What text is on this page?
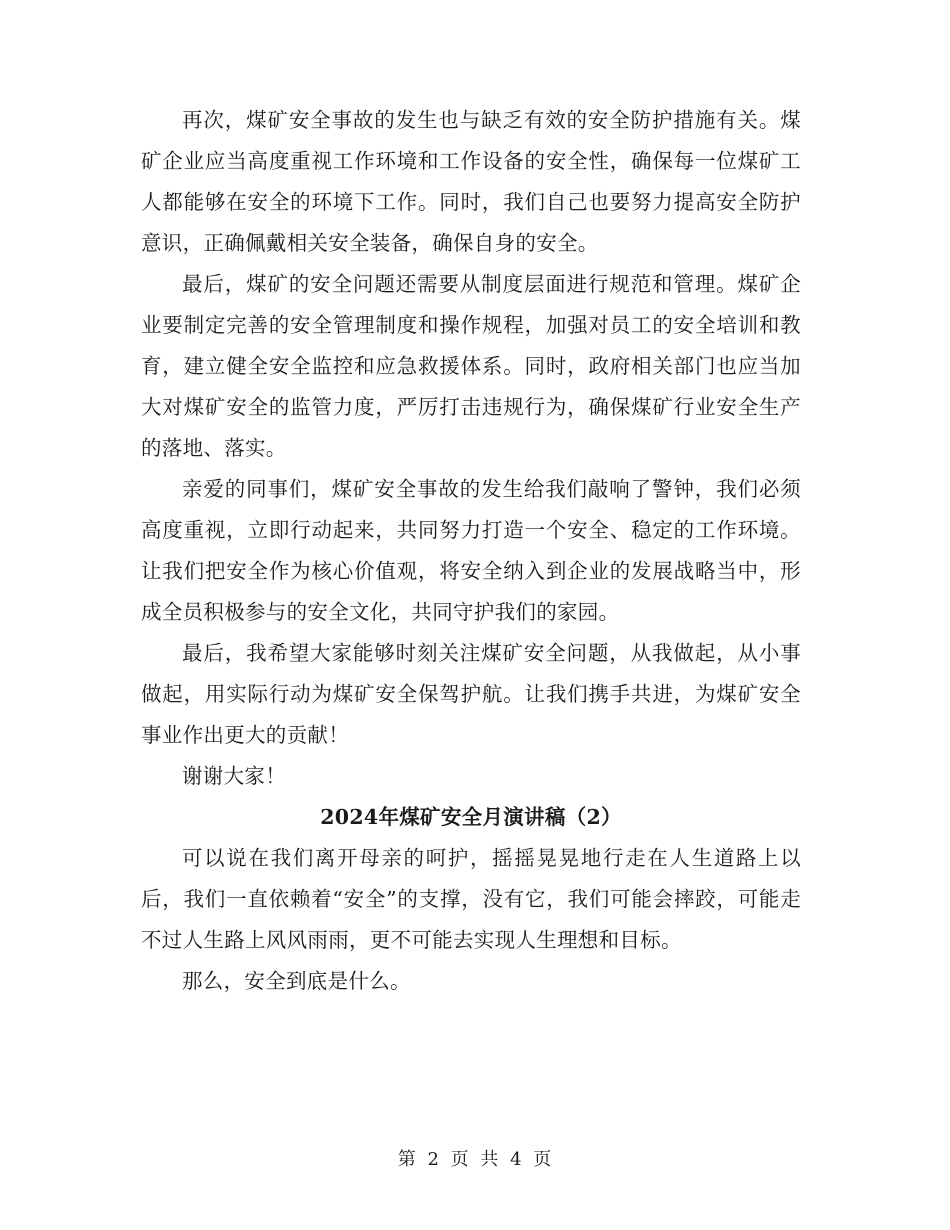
再次，煤矿安全事故的发生也与缺乏有效的安全防护措施有关。煤矿企业应当高度重视工作环境和工作设备的安全性，确保每一位煤矿工人都能够在安全的环境下工作。同时，我们自己也要努力提高安全防护意识，正确佩戴相关安全装备，确保自身的安全。

最后，煤矿的安全问题还需要从制度层面进行规范和管理。煤矿企业要制定完善的安全管理制度和操作规程，加强对员工的安全培训和教育，建立健全安全监控和应急救援体系。同时，政府相关部门也应当加大对煤矿安全的监管力度，严厉打击违规行为，确保煤矿行业安全生产的落地、落实。

亲爱的同事们，煤矿安全事故的发生给我们敲响了警钟，我们必须高度重视，立即行动起来，共同努力打造一个安全、稳定的工作环境。让我们把安全作为核心价值观，将安全纳入到企业的发展战略当中，形成全员积极参与的安全文化，共同守护我们的家园。

最后，我希望大家能够时刻关注煤矿安全问题，从我做起，从小事做起，用实际行动为煤矿安全保驾护航。让我们携手共进，为煤矿安全事业作出更大的贡献！

谢谢大家！

2024年煤矿安全月演讲稿（2）

可以说在我们离开母亲的呵护，摇摇晃晃地行走在人生道路上以后，我们一直依赖着“安全”的支撑，没有它，我们可能会摔跤，可能走不过人生路上风风雨雨，更不可能去实现人生理想和目标。

那么，安全到底是什么。

第 2 页 共 4 页
